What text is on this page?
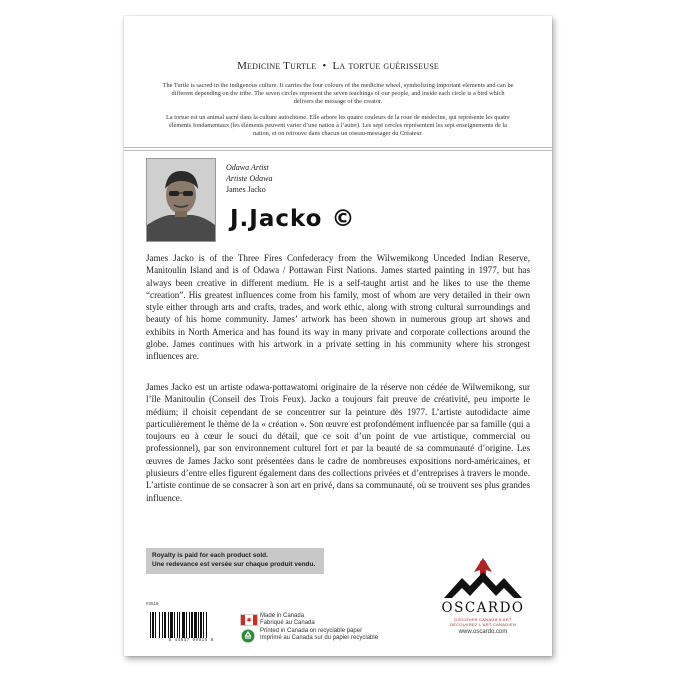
Medicine Turtle • La tortue guérisseuse
The Turtle is sacred in the indigenous culture. It carries the four colours of the medicine wheel, symbolizing important elements and can be different depending on the tribe. The seven circles represent the seven teachings of our people, and inside each circle is a bird which delivers the message of the creator.
La tortue est un animal sacré dans la culture autochtone. Elle arbore les quatre couleurs de la roue de médecine, qui représente les quatre éléments fondamentaux (les éléments peuvent varier d’une nation à l’autre). Les sept cercles représentent les sept enseignements de la nation, et on retrouve dans chacun un oiseau-messager du Créateur.
Odawa Artist
Artiste Odawa
James Jacko
J.Jacko ©
James Jacko is of the Three Fires Confederacy from the Wilwemikong Unceded Indian Reserve, Manitoulin Island and is of Odawa / Pottawan First Nations. James started painting in 1977, but has always been creative in different medium. He is a self-taught artist and he likes to use the theme “creation”. His greatest influences come from his family, most of whom are very detailed in their own style either through arts and crafts, trades, and work ethic, along with strong cultural surroundings and beauty of his home community. James’ artwork has been shown in numerous group art shows and exhibits in North America and has found its way in many private and corporate collections around the globe. James continues with his artwork in a private setting in his community where his strongest influences are.
James Jacko est un artiste odawa-pottawatomi originaire de la réserve non cédée de Wilwemikong, sur l’île Manitoulin (Conseil des Trois Feux). Jacko a toujours fait preuve de créativité, peu importe le médium; il choisit cependant de se concentrer sur la peinture dès 1977. L’artiste autodidacte aime particulièrement le thème de la « création ». Son œuvre est profondément influencée par sa famille (qui a toujours eu à cœur le souci du détail, que ce soit d’un point de vue artistique, commercial ou professionnel), par son environnement culturel fort et par la beauté de sa communauté d’origine. Les œuvres de James Jacko sont présentées dans le cadre de nombreuses expositions nord-américaines, et plusieurs d’entre elles figurent également dans des collections privées et d’entreprises à travers le monde. L’artiste continue de se consacrer à son art en privé, dans sa communauté, où se trouvent ses plus grandes influence.
Royalty is paid for each product sold.
Une redevance est versée sur chaque produit vendu.
#3518
8 44837 09915 8
Made in Canada
Fabriqué au Canada
Printed in Canada on recyclable paper
Imprimé au Canada sur du papier recyclable
OSCARDO
DISCOVER CANADA'S ART
DÉCOUVREZ L'ART CANADIEN
www.oscardo.com
